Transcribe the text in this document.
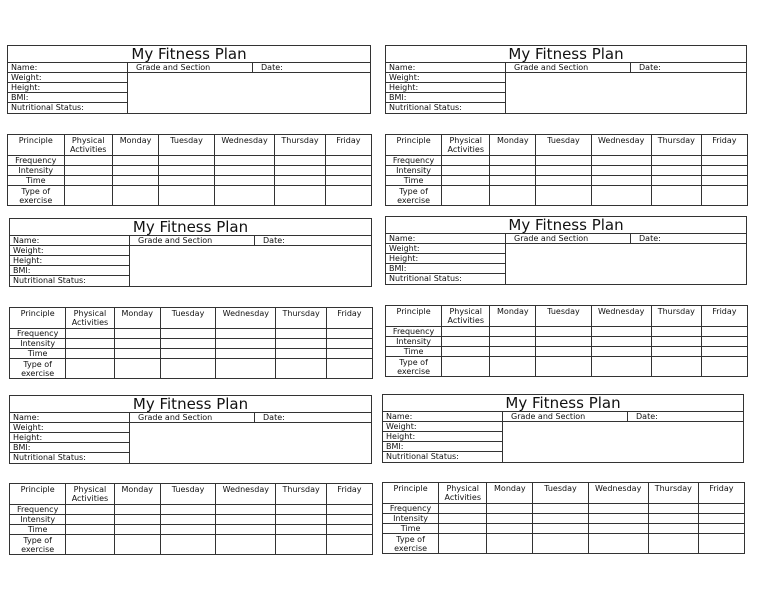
My Fitness Plan
Name:	Grade and Section	Date:
Weight:
Height:
BMI:
Nutritional Status:
Principle	Physical Activities	Monday	Tuesday	Wednesday	Thursday	Friday
Frequency						
Intensity						
Time						
Type of exercise						
My Fitness Plan
Name:	Grade and Section	Date:
Weight:
Height:
BMI:
Nutritional Status:
Principle	Physical Activities	Monday	Tuesday	Wednesday	Thursday	Friday
Frequency						
Intensity						
Time						
Type of exercise						
My Fitness Plan
Name:	Grade and Section	Date:
Weight:
Height:
BMI:
Nutritional Status:
Principle	Physical Activities	Monday	Tuesday	Wednesday	Thursday	Friday
Frequency						
Intensity						
Time						
Type of exercise						
My Fitness Plan
Name:	Grade and Section	Date:
Weight:
Height:
BMI:
Nutritional Status:
Principle	Physical Activities	Monday	Tuesday	Wednesday	Thursday	Friday
Frequency						
Intensity						
Time						
Type of exercise						
My Fitness Plan
Name:	Grade and Section	Date:
Weight:
Height:
BMI:
Nutritional Status:
Principle	Physical Activities	Monday	Tuesday	Wednesday	Thursday	Friday
Frequency						
Intensity						
Time						
Type of exercise						
My Fitness Plan
Name:	Grade and Section	Date:
Weight:
Height:
BMI:
Nutritional Status:
Principle	Physical Activities	Monday	Tuesday	Wednesday	Thursday	Friday
Frequency						
Intensity						
Time						
Type of exercise						
